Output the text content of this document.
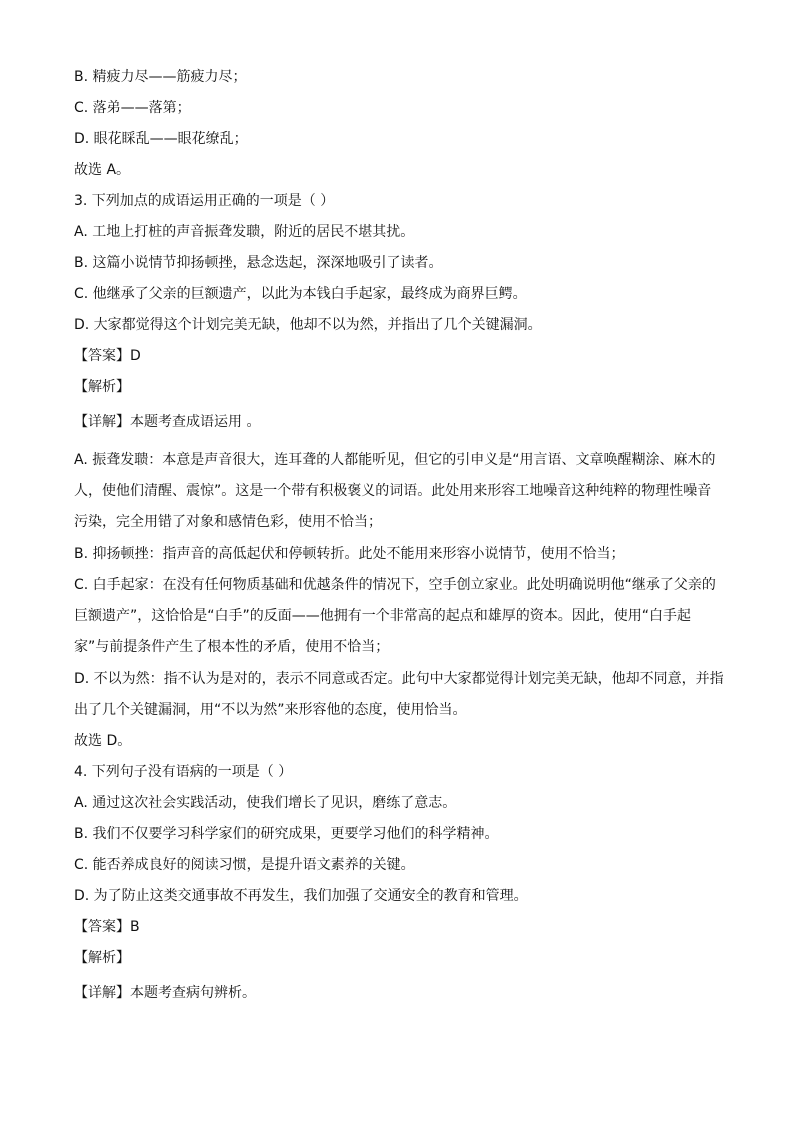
B. 精疲力尽——筋疲力尽；
C. 落弟——落第；
D. 眼花睬乱——眼花缭乱；
故选 A。
3. 下列加点的成语运用正确的一项是（ ）
A. 工地上打桩的声音振聋发聩，附近的居民不堪其扰。
B. 这篇小说情节抑扬顿挫，悬念迭起，深深地吸引了读者。
C. 他继承了父亲的巨额遗产，以此为本钱白手起家，最终成为商界巨鳄。
D. 大家都觉得这个计划完美无缺，他却不以为然，并指出了几个关键漏洞。
【答案】D
【解析】
【详解】本题考查成语运用 。
A. 振聋发聩：本意是声音很大，连耳聋的人都能听见，但它的引申义是“用言语、文章唤醒糊涂、麻木的人，使他们清醒、震惊”。这是一个带有积极褒义的词语。此处用来形容工地噪音这种纯粹的物理性噪音污染，完全用错了对象和感情色彩，使用不恰当；
B. 抑扬顿挫：指声音的高低起伏和停顿转折。此处不能用来形容小说情节，使用不恰当；
C. 白手起家：在没有任何物质基础和优越条件的情况下，空手创立家业。此处明确说明他“继承了父亲的巨额遗产”，这恰恰是“白手”的反面——他拥有一个非常高的起点和雄厚的资本。因此，使用“白手起家”与前提条件产生了根本性的矛盾，使用不恰当；
D. 不以为然：指不认为是对的，表示不同意或否定。此句中大家都觉得计划完美无缺，他却不同意，并指出了几个关键漏洞，用“不以为然”来形容他的态度，使用恰当。
故选 D。
4. 下列句子没有语病的一项是（ ）
A. 通过这次社会实践活动，使我们增长了见识，磨练了意志。
B. 我们不仅要学习科学家们的研究成果，更要学习他们的科学精神。
C. 能否养成良好的阅读习惯，是提升语文素养的关键。
D. 为了防止这类交通事故不再发生，我们加强了交通安全的教育和管理。
【答案】B
【解析】
【详解】本题考查病句辨析。
